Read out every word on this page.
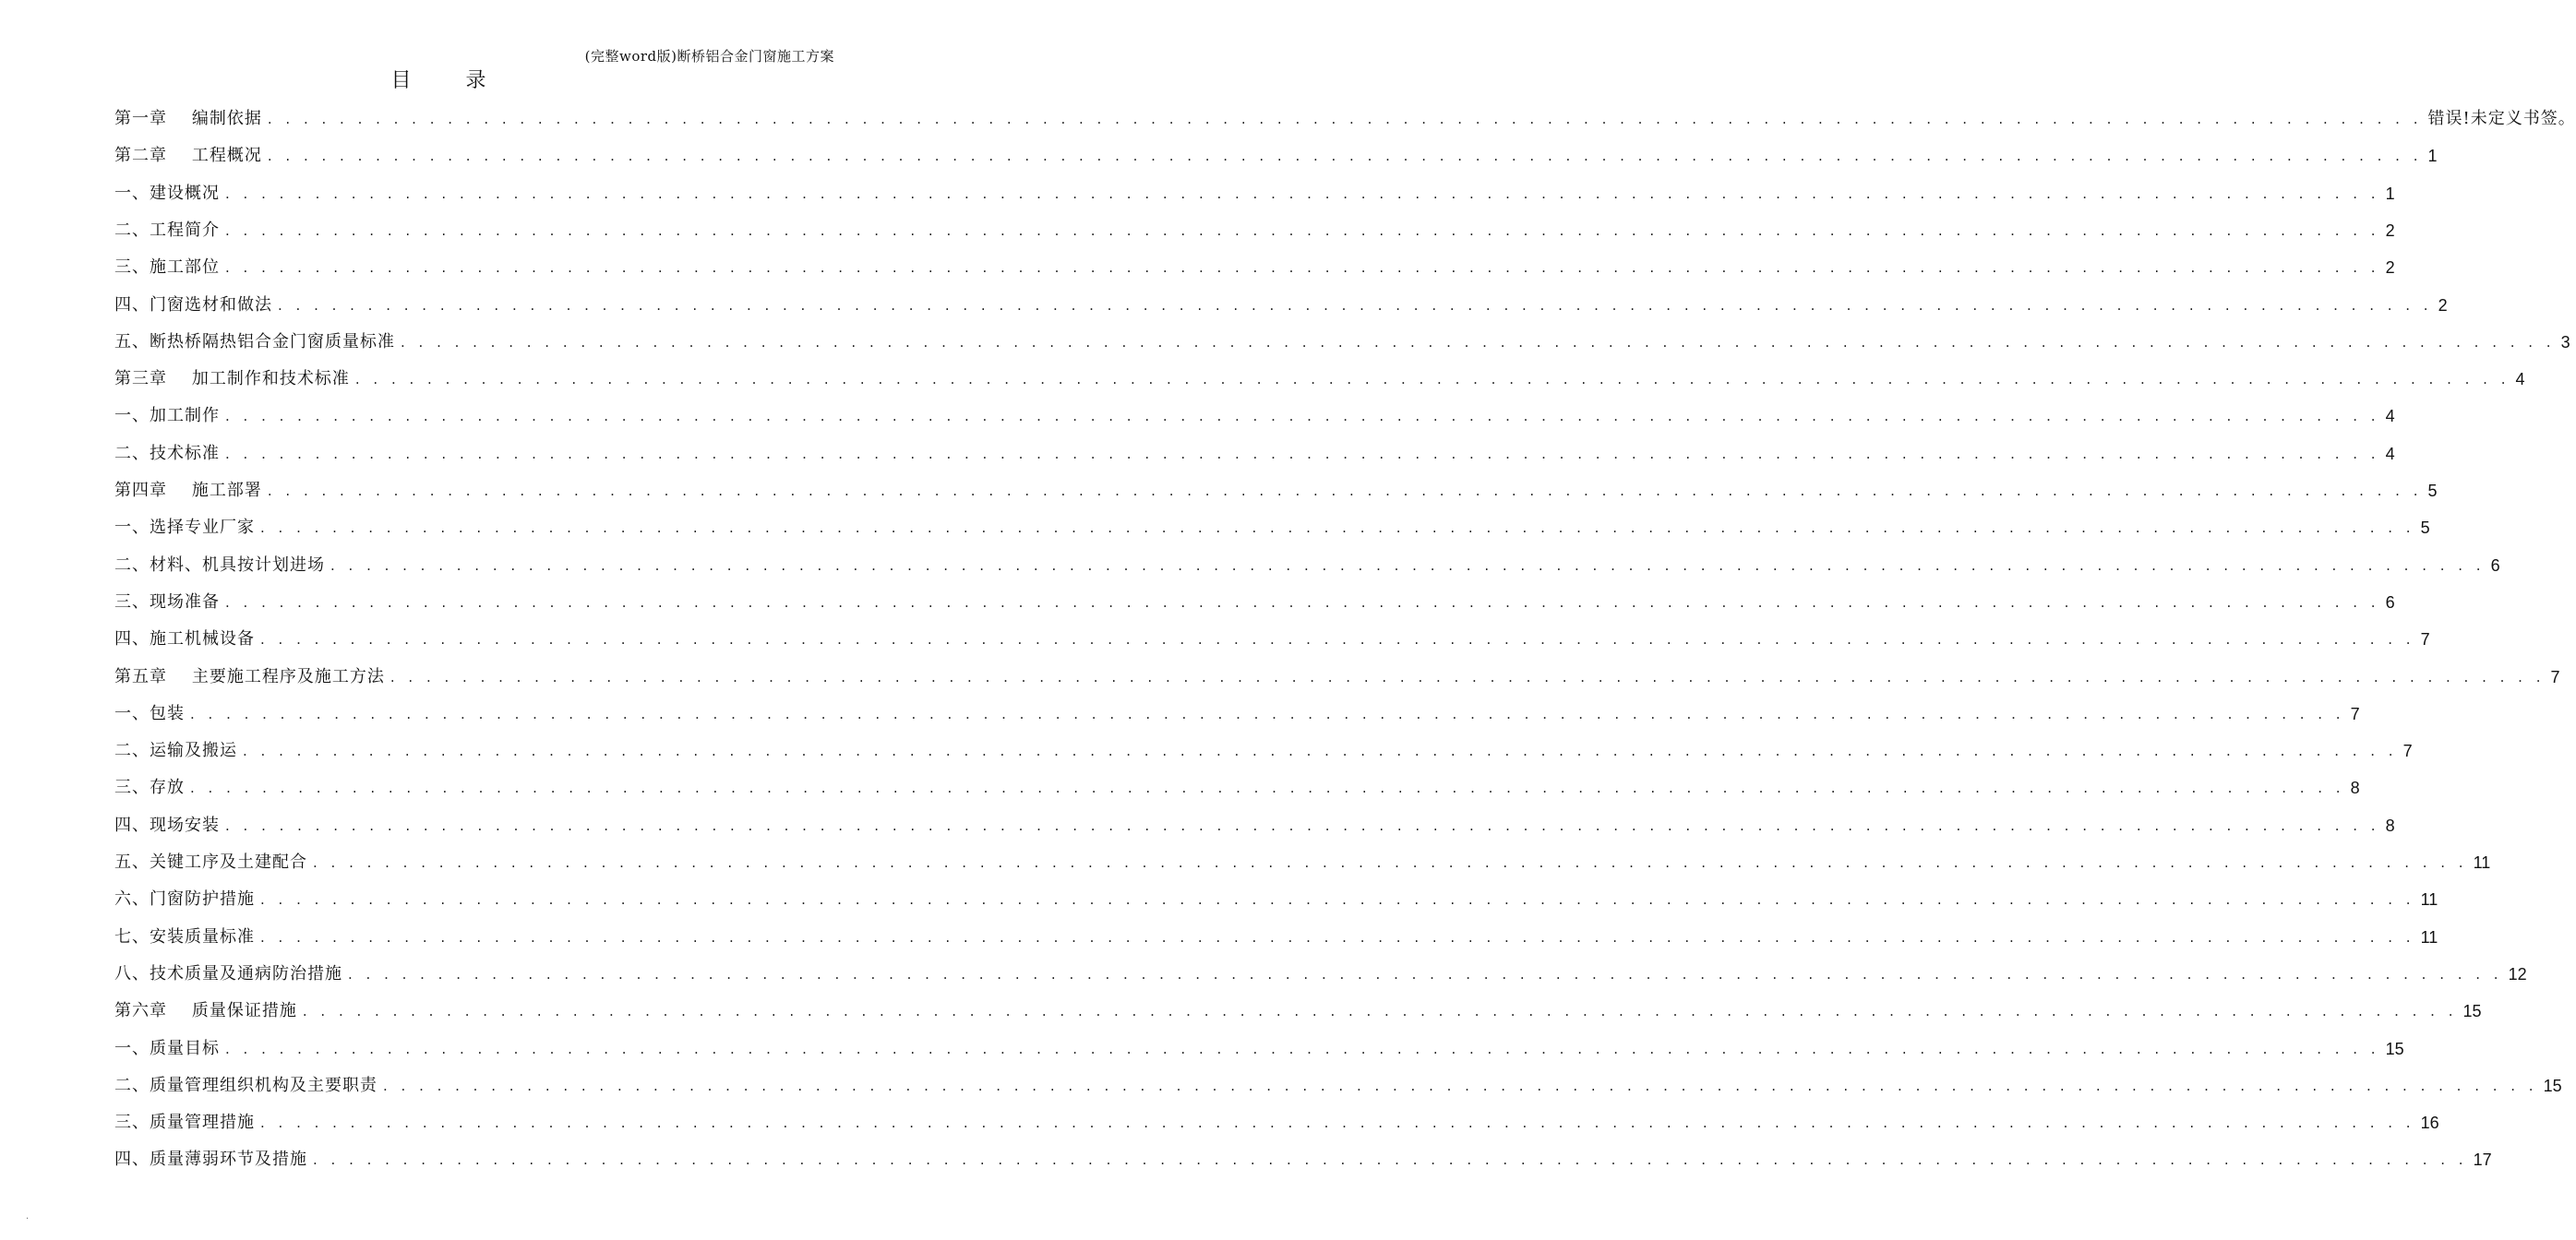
(完整word版)断桥铝合金门窗施工方案
目 录
第一章    编制依据 . . . . . . . . . . . . . . . . . . . . . . . . . . . . . . . . . . . . . . . . . . . . . . . . . . . . . . . . . . . . . . . . . . . . . . . . . . . . . . . . . . . . . . . . . . . . . . . . . . . . . . . . . . . . . . . . . . . . . . . . 错误!未定义书签。
第二章    工程概况 . . . . . . . . . . . . . . . . . . . . . . . . . . . . . . . . . . . . . . . . . . . . . . . . . . . . . . . . . . . . . . . . . . . . . . . . . . . . . . . . . . . . . . . . . . . . . . . . . . . . . . . . . . . . . . . . . . . . . . . . 1
一、建设概况 . . . . . . . . . . . . . . . . . . . . . . . . . . . . . . . . . . . . . . . . . . . . . . . . . . . . . . . . . . . . . . . . . . . . . . . . . . . . . . . . . . . . . . . . . . . . . . . . . . . . . . . . . . . . . . . . . . . . . . . . 1
二、工程简介 . . . . . . . . . . . . . . . . . . . . . . . . . . . . . . . . . . . . . . . . . . . . . . . . . . . . . . . . . . . . . . . . . . . . . . . . . . . . . . . . . . . . . . . . . . . . . . . . . . . . . . . . . . . . . . . . . . . . . . . . 2
三、施工部位 . . . . . . . . . . . . . . . . . . . . . . . . . . . . . . . . . . . . . . . . . . . . . . . . . . . . . . . . . . . . . . . . . . . . . . . . . . . . . . . . . . . . . . . . . . . . . . . . . . . . . . . . . . . . . . . . . . . . . . . . 2
四、门窗选材和做法 . . . . . . . . . . . . . . . . . . . . . . . . . . . . . . . . . . . . . . . . . . . . . . . . . . . . . . . . . . . . . . . . . . . . . . . . . . . . . . . . . . . . . . . . . . . . . . . . . . . . . . . . . . . . . . . . . . . . . . . . 2
五、断热桥隔热铝合金门窗质量标准 . . . . . . . . . . . . . . . . . . . . . . . . . . . . . . . . . . . . . . . . . . . . . . . . . . . . . . . . . . . . . . . . . . . . . . . . . . . . . . . . . . . . . . . . . . . . . . . . . . . . . . . . . . . . . . . . . . . . . . . . 3
第三章    加工制作和技术标准 . . . . . . . . . . . . . . . . . . . . . . . . . . . . . . . . . . . . . . . . . . . . . . . . . . . . . . . . . . . . . . . . . . . . . . . . . . . . . . . . . . . . . . . . . . . . . . . . . . . . . . . . . . . . . . . . . . . . . . . . 4
一、加工制作 . . . . . . . . . . . . . . . . . . . . . . . . . . . . . . . . . . . . . . . . . . . . . . . . . . . . . . . . . . . . . . . . . . . . . . . . . . . . . . . . . . . . . . . . . . . . . . . . . . . . . . . . . . . . . . . . . . . . . . . . 4
二、技术标准 . . . . . . . . . . . . . . . . . . . . . . . . . . . . . . . . . . . . . . . . . . . . . . . . . . . . . . . . . . . . . . . . . . . . . . . . . . . . . . . . . . . . . . . . . . . . . . . . . . . . . . . . . . . . . . . . . . . . . . . . 4
第四章    施工部署 . . . . . . . . . . . . . . . . . . . . . . . . . . . . . . . . . . . . . . . . . . . . . . . . . . . . . . . . . . . . . . . . . . . . . . . . . . . . . . . . . . . . . . . . . . . . . . . . . . . . . . . . . . . . . . . . . . . . . . . . 5
一、选择专业厂家 . . . . . . . . . . . . . . . . . . . . . . . . . . . . . . . . . . . . . . . . . . . . . . . . . . . . . . . . . . . . . . . . . . . . . . . . . . . . . . . . . . . . . . . . . . . . . . . . . . . . . . . . . . . . . . . . . . . . . . . . 5
二、材料、机具按计划进场 . . . . . . . . . . . . . . . . . . . . . . . . . . . . . . . . . . . . . . . . . . . . . . . . . . . . . . . . . . . . . . . . . . . . . . . . . . . . . . . . . . . . . . . . . . . . . . . . . . . . . . . . . . . . . . . . . . . . . . . . 6
三、现场准备 . . . . . . . . . . . . . . . . . . . . . . . . . . . . . . . . . . . . . . . . . . . . . . . . . . . . . . . . . . . . . . . . . . . . . . . . . . . . . . . . . . . . . . . . . . . . . . . . . . . . . . . . . . . . . . . . . . . . . . . . 6
四、施工机械设备 . . . . . . . . . . . . . . . . . . . . . . . . . . . . . . . . . . . . . . . . . . . . . . . . . . . . . . . . . . . . . . . . . . . . . . . . . . . . . . . . . . . . . . . . . . . . . . . . . . . . . . . . . . . . . . . . . . . . . . . . 7
第五章    主要施工程序及施工方法 . . . . . . . . . . . . . . . . . . . . . . . . . . . . . . . . . . . . . . . . . . . . . . . . . . . . . . . . . . . . . . . . . . . . . . . . . . . . . . . . . . . . . . . . . . . . . . . . . . . . . . . . . . . . . . . . . . . . . . . . 7
一、包装 . . . . . . . . . . . . . . . . . . . . . . . . . . . . . . . . . . . . . . . . . . . . . . . . . . . . . . . . . . . . . . . . . . . . . . . . . . . . . . . . . . . . . . . . . . . . . . . . . . . . . . . . . . . . . . . . . . . . . . . . 7
二、运输及搬运 . . . . . . . . . . . . . . . . . . . . . . . . . . . . . . . . . . . . . . . . . . . . . . . . . . . . . . . . . . . . . . . . . . . . . . . . . . . . . . . . . . . . . . . . . . . . . . . . . . . . . . . . . . . . . . . . . . . . . . . . 7
三、存放 . . . . . . . . . . . . . . . . . . . . . . . . . . . . . . . . . . . . . . . . . . . . . . . . . . . . . . . . . . . . . . . . . . . . . . . . . . . . . . . . . . . . . . . . . . . . . . . . . . . . . . . . . . . . . . . . . . . . . . . . 8
四、现场安装 . . . . . . . . . . . . . . . . . . . . . . . . . . . . . . . . . . . . . . . . . . . . . . . . . . . . . . . . . . . . . . . . . . . . . . . . . . . . . . . . . . . . . . . . . . . . . . . . . . . . . . . . . . . . . . . . . . . . . . . . 8
五、关键工序及土建配合 . . . . . . . . . . . . . . . . . . . . . . . . . . . . . . . . . . . . . . . . . . . . . . . . . . . . . . . . . . . . . . . . . . . . . . . . . . . . . . . . . . . . . . . . . . . . . . . . . . . . . . . . . . . . . . . . . . . . . . . . 11
六、门窗防护措施 . . . . . . . . . . . . . . . . . . . . . . . . . . . . . . . . . . . . . . . . . . . . . . . . . . . . . . . . . . . . . . . . . . . . . . . . . . . . . . . . . . . . . . . . . . . . . . . . . . . . . . . . . . . . . . . . . . . . . . . . 11
七、安装质量标准 . . . . . . . . . . . . . . . . . . . . . . . . . . . . . . . . . . . . . . . . . . . . . . . . . . . . . . . . . . . . . . . . . . . . . . . . . . . . . . . . . . . . . . . . . . . . . . . . . . . . . . . . . . . . . . . . . . . . . . . . 11
八、技术质量及通病防治措施 . . . . . . . . . . . . . . . . . . . . . . . . . . . . . . . . . . . . . . . . . . . . . . . . . . . . . . . . . . . . . . . . . . . . . . . . . . . . . . . . . . . . . . . . . . . . . . . . . . . . . . . . . . . . . . . . . . . . . . . . 12
第六章    质量保证措施 . . . . . . . . . . . . . . . . . . . . . . . . . . . . . . . . . . . . . . . . . . . . . . . . . . . . . . . . . . . . . . . . . . . . . . . . . . . . . . . . . . . . . . . . . . . . . . . . . . . . . . . . . . . . . . . . . . . . . . . . 15
一、质量目标 . . . . . . . . . . . . . . . . . . . . . . . . . . . . . . . . . . . . . . . . . . . . . . . . . . . . . . . . . . . . . . . . . . . . . . . . . . . . . . . . . . . . . . . . . . . . . . . . . . . . . . . . . . . . . . . . . . . . . . . . 15
二、质量管理组织机构及主要职责 . . . . . . . . . . . . . . . . . . . . . . . . . . . . . . . . . . . . . . . . . . . . . . . . . . . . . . . . . . . . . . . . . . . . . . . . . . . . . . . . . . . . . . . . . . . . . . . . . . . . . . . . . . . . . . . . . . . . . . . . 15
三、质量管理措施 . . . . . . . . . . . . . . . . . . . . . . . . . . . . . . . . . . . . . . . . . . . . . . . . . . . . . . . . . . . . . . . . . . . . . . . . . . . . . . . . . . . . . . . . . . . . . . . . . . . . . . . . . . . . . . . . . . . . . . . . 16
四、质量薄弱环节及措施 . . . . . . . . . . . . . . . . . . . . . . . . . . . . . . . . . . . . . . . . . . . . . . . . . . . . . . . . . . . . . . . . . . . . . . . . . . . . . . . . . . . . . . . . . . . . . . . . . . . . . . . . . . . . . . . . . . . . . . . . 17
.
